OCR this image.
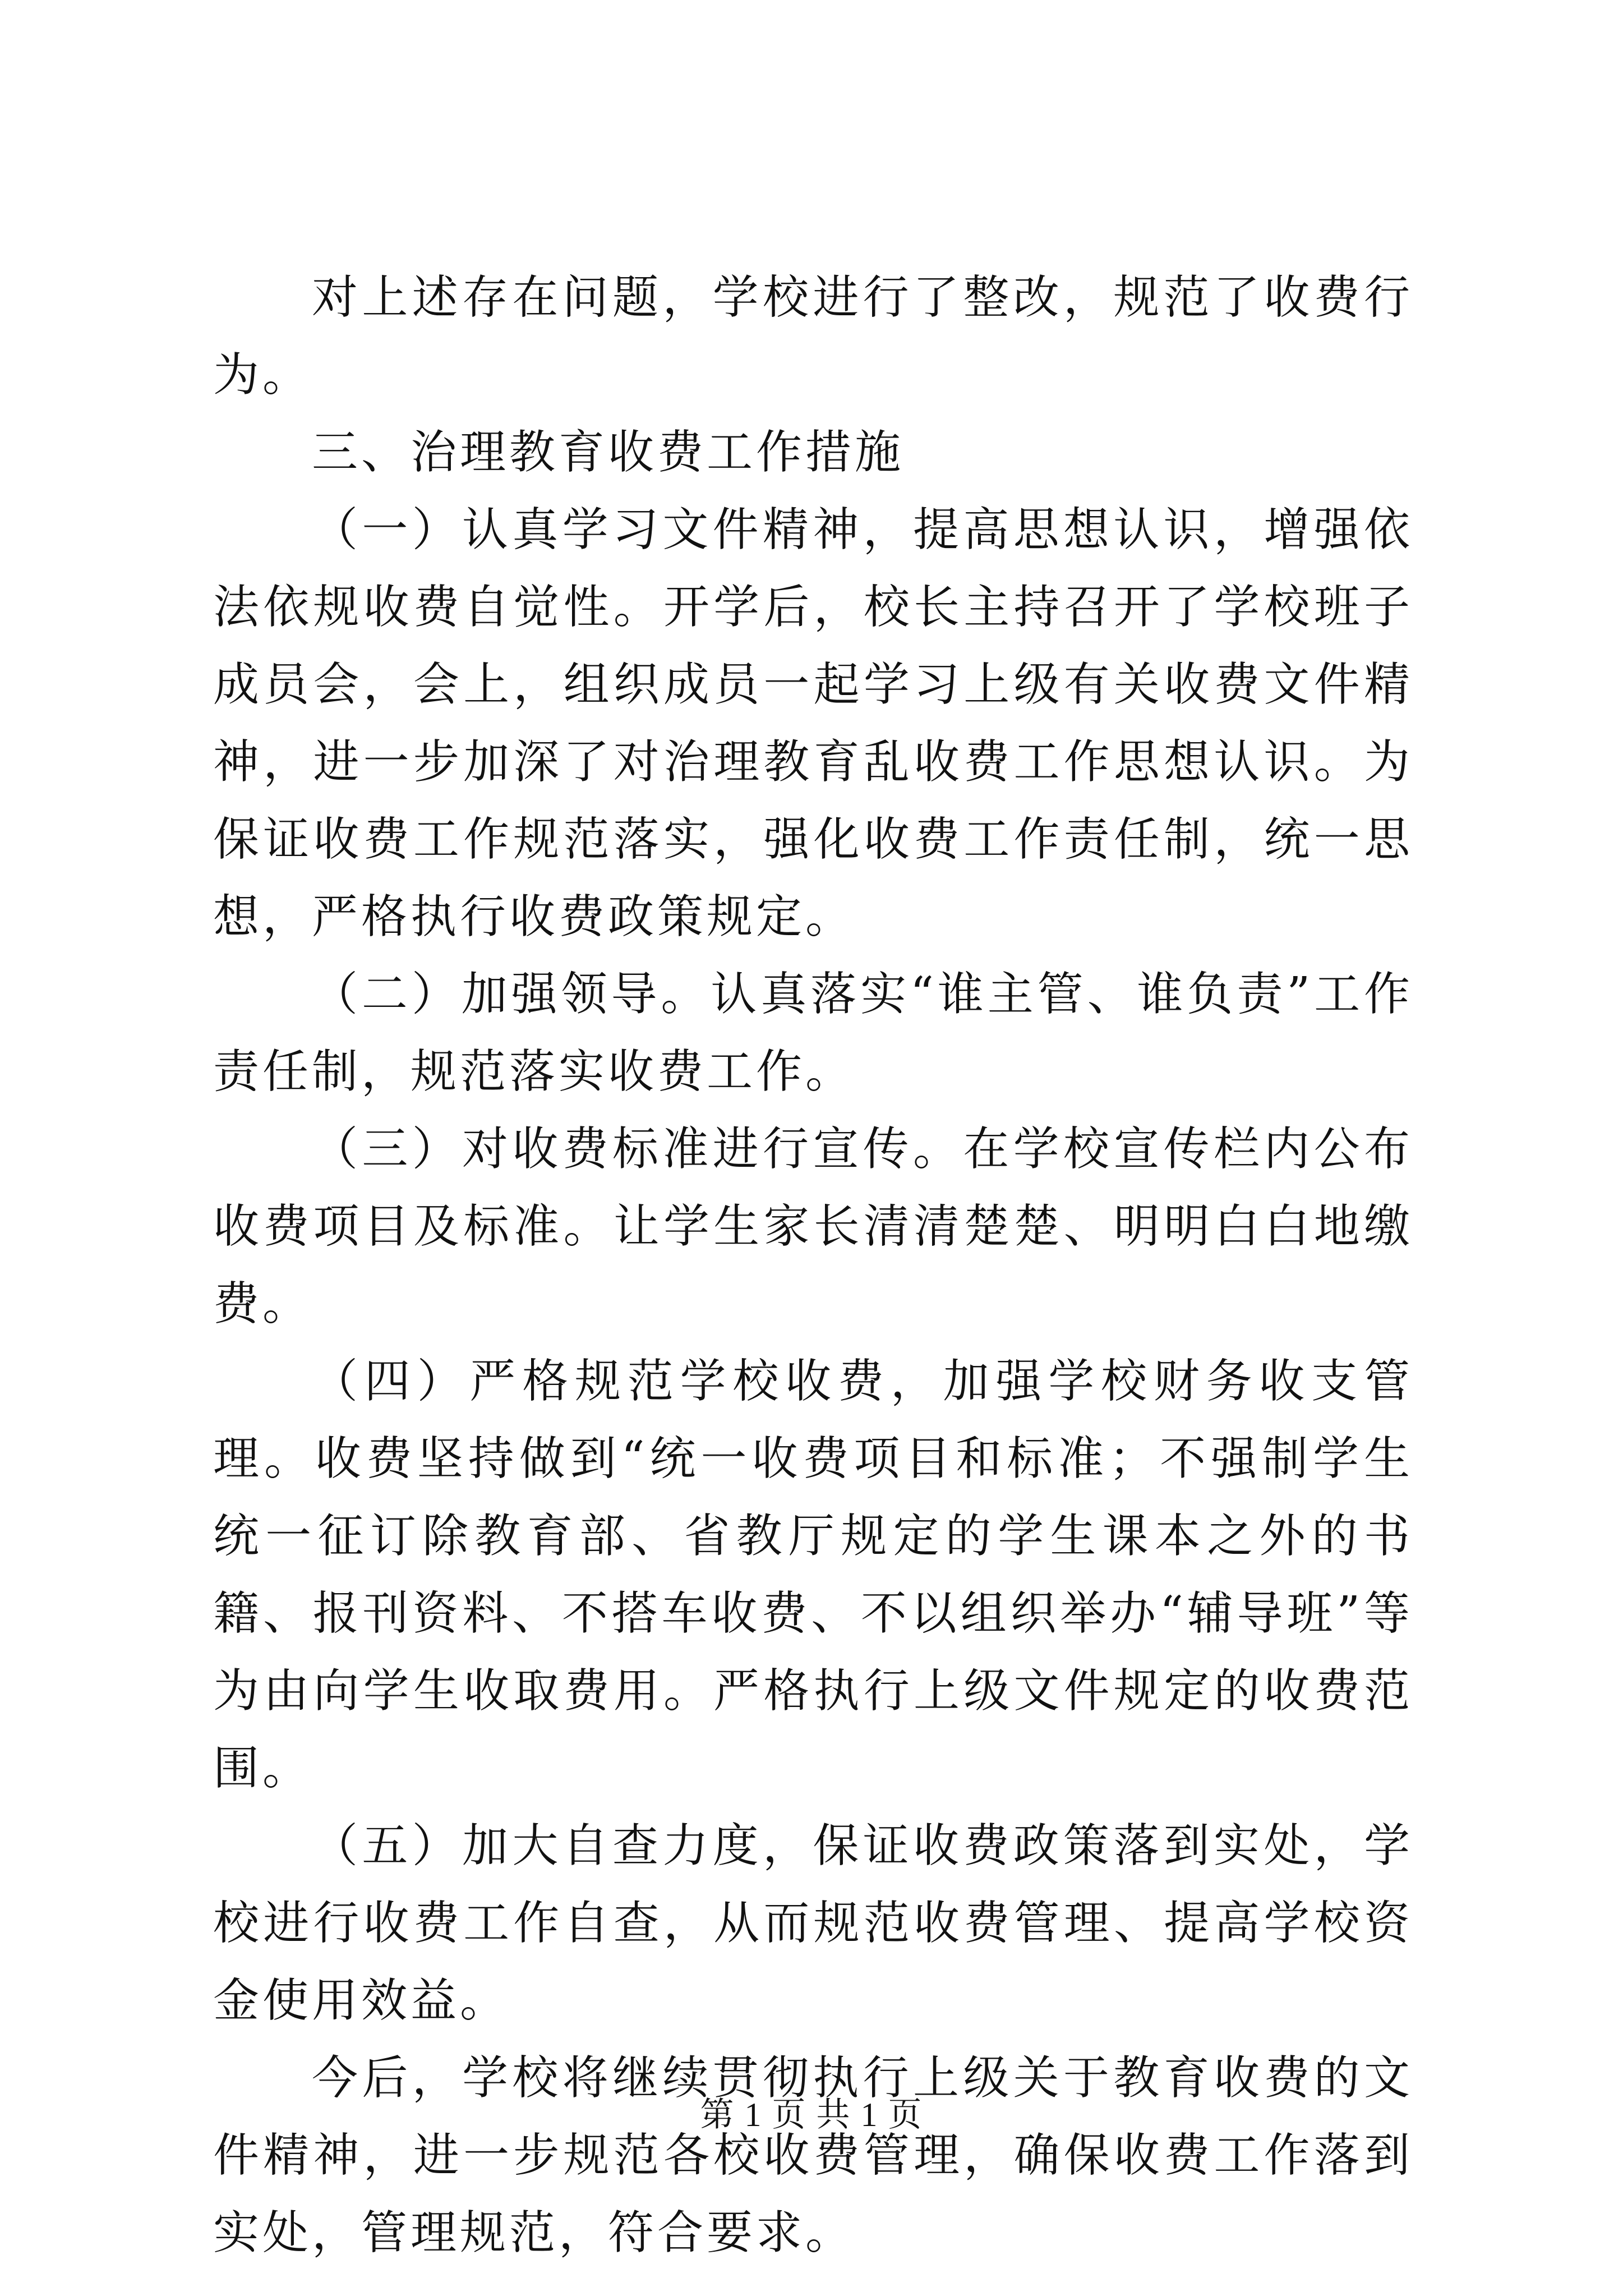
对上述存在问题，学校进行了整改，规范了收费行为。

三、治理教育收费工作措施

（一）认真学习文件精神，提高思想认识，增强依法依规收费自觉性。开学后，校长主持召开了学校班子成员会，会上，组织成员一起学习上级有关收费文件精神，进一步加深了对治理教育乱收费工作思想认识。为保证收费工作规范落实，强化收费工作责任制，统一思想，严格执行收费政策规定。

（二）加强领导。认真落实“谁主管、谁负责”工作责任制，规范落实收费工作。

（三）对收费标准进行宣传。在学校宣传栏内公布收费项目及标准。让学生家长清清楚楚、明明白白地缴费。

（四）严格规范学校收费，加强学校财务收支管理。收费坚持做到“统一收费项目和标准；不强制学生统一征订除教育部、省教厅规定的学生课本之外的书籍、报刊资料、不搭车收费、不以组织举办“辅导班”等为由向学生收取费用。严格执行上级文件规定的收费范围。

（五）加大自查力度，保证收费政策落到实处，学校进行收费工作自查，从而规范收费管理、提高学校资金使用效益。

今后，学校将继续贯彻执行上级关于教育收费的文件精神，进一步规范各校收费管理，确保收费工作落到实处，管理规范，符合要求。

第 1 页 共 1 页
